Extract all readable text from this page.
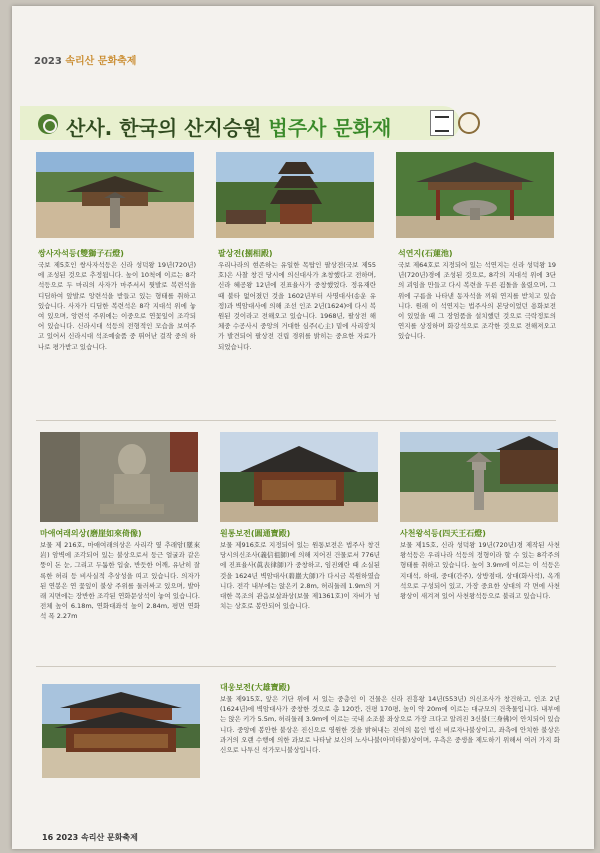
2023 속리산 문화축제
산사. 한국의 산지승원 법주사 문화재
쌍사자석등(雙獅子石燈)
국보 제5호인 쌍사자석등은 신라 성덕왕 19년(720년)에 조성된 것으로 추정됩니다. 높이 10척에 이르는 8각석등으로 두 마리의 사자가 마주서서 뒷발로 복련석을 디딤하여 앞발로 앙련석을 받들고 있는 형태를 취하고 있습니다. 사자가 디딤한 복련석은 8각 지대석 위에 놓여 있으며, 앙련석 주위에는 이중으로 연꽃잎이 조각되어 있습니다. 신라시대 석등의 전형적인 모습을 보여주고 있어서 신라시대 석조예술품 중 뛰어난 걸작 중의 하나로 평가받고 있습니다.
팔상전(捌相殿)
우리나라의 현존하는 유일한 목탑인 팔상전(국보 제55호)은 사찰 창건 당시에 의신대사가 초창했다고 전하며, 신라 혜공왕 12년에 진표율사가 중창했었다. 정유재란 때 불타 없어졌던 것을 1602년부터 사명대사(송운 유정)과 벽암대사에 의해 조선 인조 2년(1624)에 다시 복원된 것이라고 전해오고 있습니다. 1968년, 팔상전 해체중 수공사시 중앙의 거대한 심주(心主) 밑에 사리장치가 발견되어 팔상전 건립 경위를 밝히는 중요한 자료가 되었습니다.
석연지(石蓮池)
국보 제64호로 지정되어 있는 석연지는 신라 성덕왕 19년(720년)경에 조성된 것으로, 8각의 지대석 위에 3단의 괴임을 만들고 다시 복련을 두른 굄돌을 올렸으며, 그 위에 구름을 나타낸 동자석을 끼워 연지를 받치고 있습니다. 원래 이 석연지는 법주사의 본당이었던 용화보전이 있었을 때 그 장엄품을 설치했던 것으로 극락정토의 연지를 상징하며 화강석으로 조각한 것으로 전해져오고 있습니다.
마애여래의상(磨崖如來倚像)
보물 제 216호, 마애여래의상은 사리각 옆 추래암(墜來岩) 암벽에 조각되어 있는 불상으로서 둥근 얼굴과 같은 뚱이 돈 눈, 그리고 두툼한 입술, 반듯한 어깨, 유난히 잘록한 허리 등 비사실적 추상성을 띠고 있습니다. 의자가 된 연봉은 연 꽃잎이 불상 주위를 둘러싸고 있으며, 발아래 지면에는 장반한 조각된 연화문상석이 놓여 있습니다. 전체 높이 6.18m, 연화대좌석 높이 2.84m, 평면 연화석 폭 2.27m
원통보전(圓通寶殿)
보물 제916호로 지정되어 있는 원통보전은 법주사 창건 당시의신조사(義信祖師)에 의해 지어진 건물로서 776년에 진표율사(眞表律師)가 중창하고, 임진왜란 때 소실된 것을 1624년 벽암대사(碧巖大師)가 다시금 복원하였습니다. 전각 내부에는 앉은키 2.8m, 허리둘레 1.9m의 거대한 목조의 관음보살좌상(보물 제1361호)이 자비가 넘치는 상호로 봉안되어 있습니다.
사천왕석등(四天王石燈)
보물 제15호, 신라 성덕왕 19년(720년)경 제작된 사천왕석등은 우리나라 석등의 정형이라 할 수 있는 8각주의 형태를 취하고 있습니다. 높이 3.9m에 이르는 이 석등은 지대석, 하대, 중대(간주), 상방점대, 상대(화사석), 옥개석으로 구성되어 있고, 가장 중요한 상대의 각 면에 사천왕상이 새겨져 있어 사천왕석등으로 불리고 있습니다.
대웅보전(大雄寶殿)
보물 제915호, 앞은 기단 위에 서 있는 중층인 이 건물은 신라 진흥왕 14년(553년) 의신조사가 창건하고, 인조 2년(1624년)에 벽암대사가 중창한 것으로 총 120칸, 건평 170평, 높이 약 20m에 이르는 대규모의 건축물입니다. 내부에는 앉은 키가 5.5m, 허리둘레 3.9m에 이르는 국내 소조불 좌상으로 가장 크다고 알려진 3신불(三身佛)이 안치되어 있습니다. 중앙에 봉안한 불상은 진신으로 영원한 것을 밝혀내는 진여의 몸인 법신 비로자나불상이고, 좌측에 안치한 불상은 과거의 오랜 수행에 의한 과보로 나타날 보신의 노사나불(아미타불)상이며, 우측은 중생을 제도하기 위해서 여러 가지 화신으로 나투신 석가모니불상입니다.
16 2023 속리산 문화축제
